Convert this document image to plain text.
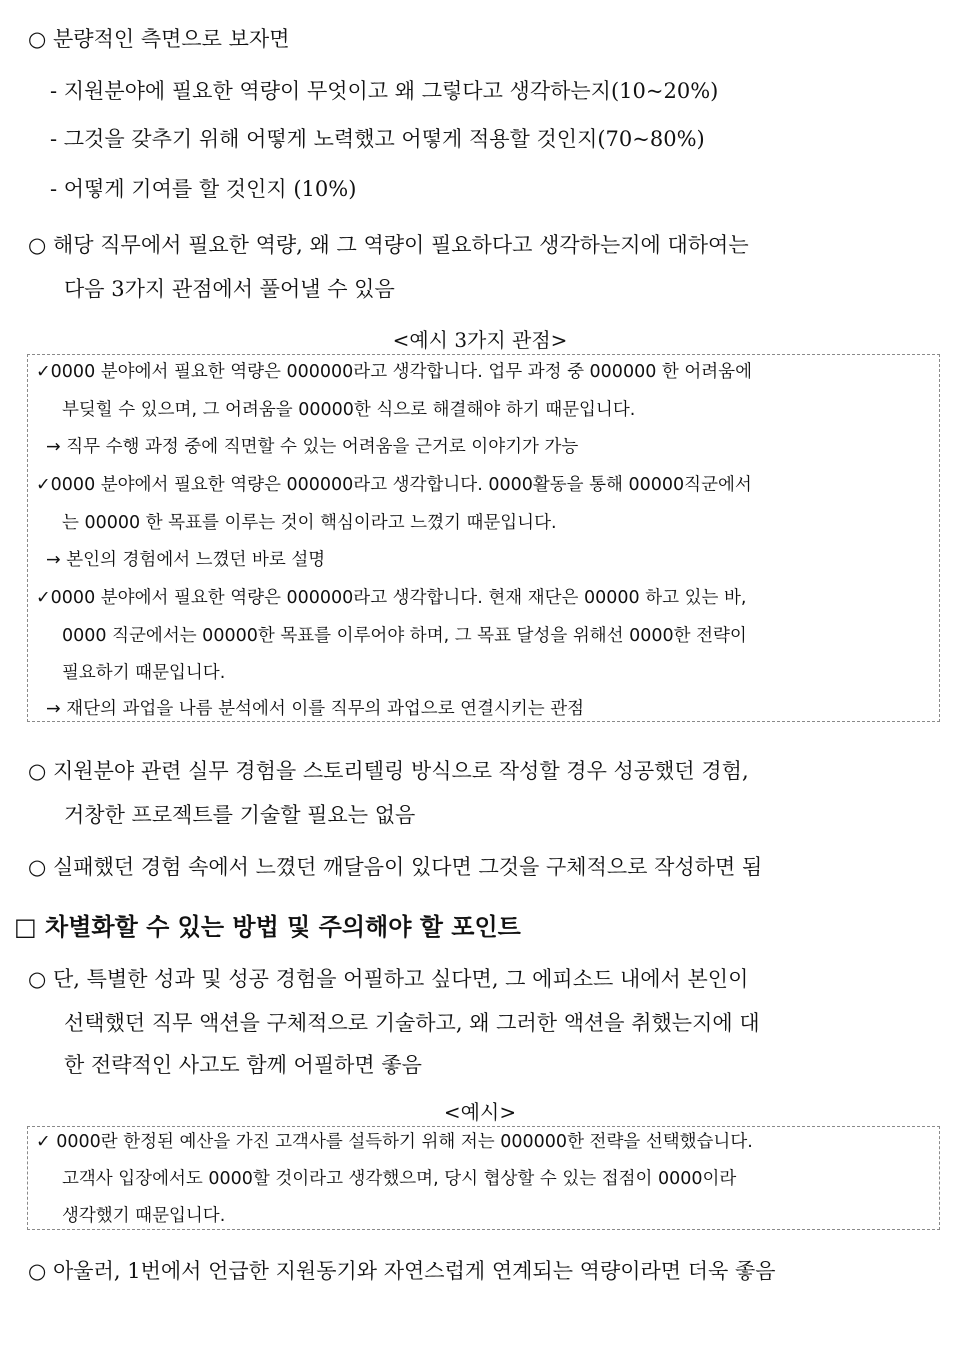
○ 분량적인 측면으로 보자면
- 지원분야에 필요한 역량이 무엇이고 왜 그렇다고 생각하는지(10~20%)
- 그것을 갖추기 위해 어떻게 노력했고 어떻게 적용할 것인지(70~80%)
- 어떻게 기여를 할 것인지 (10%)
○ 해당 직무에서 필요한 역량, 왜 그 역량이 필요하다고 생각하는지에 대하여는
다음 3가지 관점에서 풀어낼 수 있음
<예시 3가지 관점>
✓0000 분야에서 필요한 역량은 000000라고 생각합니다. 업무 과정 중 000000 한 어려움에
부딪힐 수 있으며, 그 어려움을 00000한 식으로 해결해야 하기 때문입니다.
→ 직무 수행 과정 중에 직면할 수 있는 어려움을 근거로 이야기가 가능
✓0000 분야에서 필요한 역량은 000000라고 생각합니다. 0000활동을 통해 00000직군에서
는 00000 한 목표를 이루는 것이 핵심이라고 느꼈기 때문입니다.
→ 본인의 경험에서 느꼈던 바로 설명
✓0000 분야에서 필요한 역량은 000000라고 생각합니다. 현재 재단은 00000 하고 있는 바,
0000 직군에서는 00000한 목표를 이루어야 하며, 그 목표 달성을 위해선 0000한 전략이
필요하기 때문입니다.
→ 재단의 과업을 나름 분석에서 이를 직무의 과업으로 연결시키는 관점
○ 지원분야 관련 실무 경험을 스토리텔링 방식으로 작성할 경우 성공했던 경험,
거창한 프로젝트를 기술할 필요는 없음
○ 실패했던 경험 속에서 느꼈던 깨달음이 있다면 그것을 구체적으로 작성하면 됨
□ 차별화할 수 있는 방법 및 주의해야 할 포인트
○ 단, 특별한 성과 및 성공 경험을 어필하고 싶다면, 그 에피소드 내에서 본인이
선택했던 직무 액션을 구체적으로 기술하고, 왜 그러한 액션을 취했는지에 대
한 전략적인 사고도 함께 어필하면 좋음
<예시>
✓ 0000란 한정된 예산을 가진 고객사를 설득하기 위해 저는 000000한 전략을 선택했습니다.
고객사 입장에서도 0000할 것이라고 생각했으며, 당시 협상할 수 있는 접점이 0000이라
생각했기 때문입니다.
○ 아울러, 1번에서 언급한 지원동기와 자연스럽게 연계되는 역량이라면 더욱 좋음
